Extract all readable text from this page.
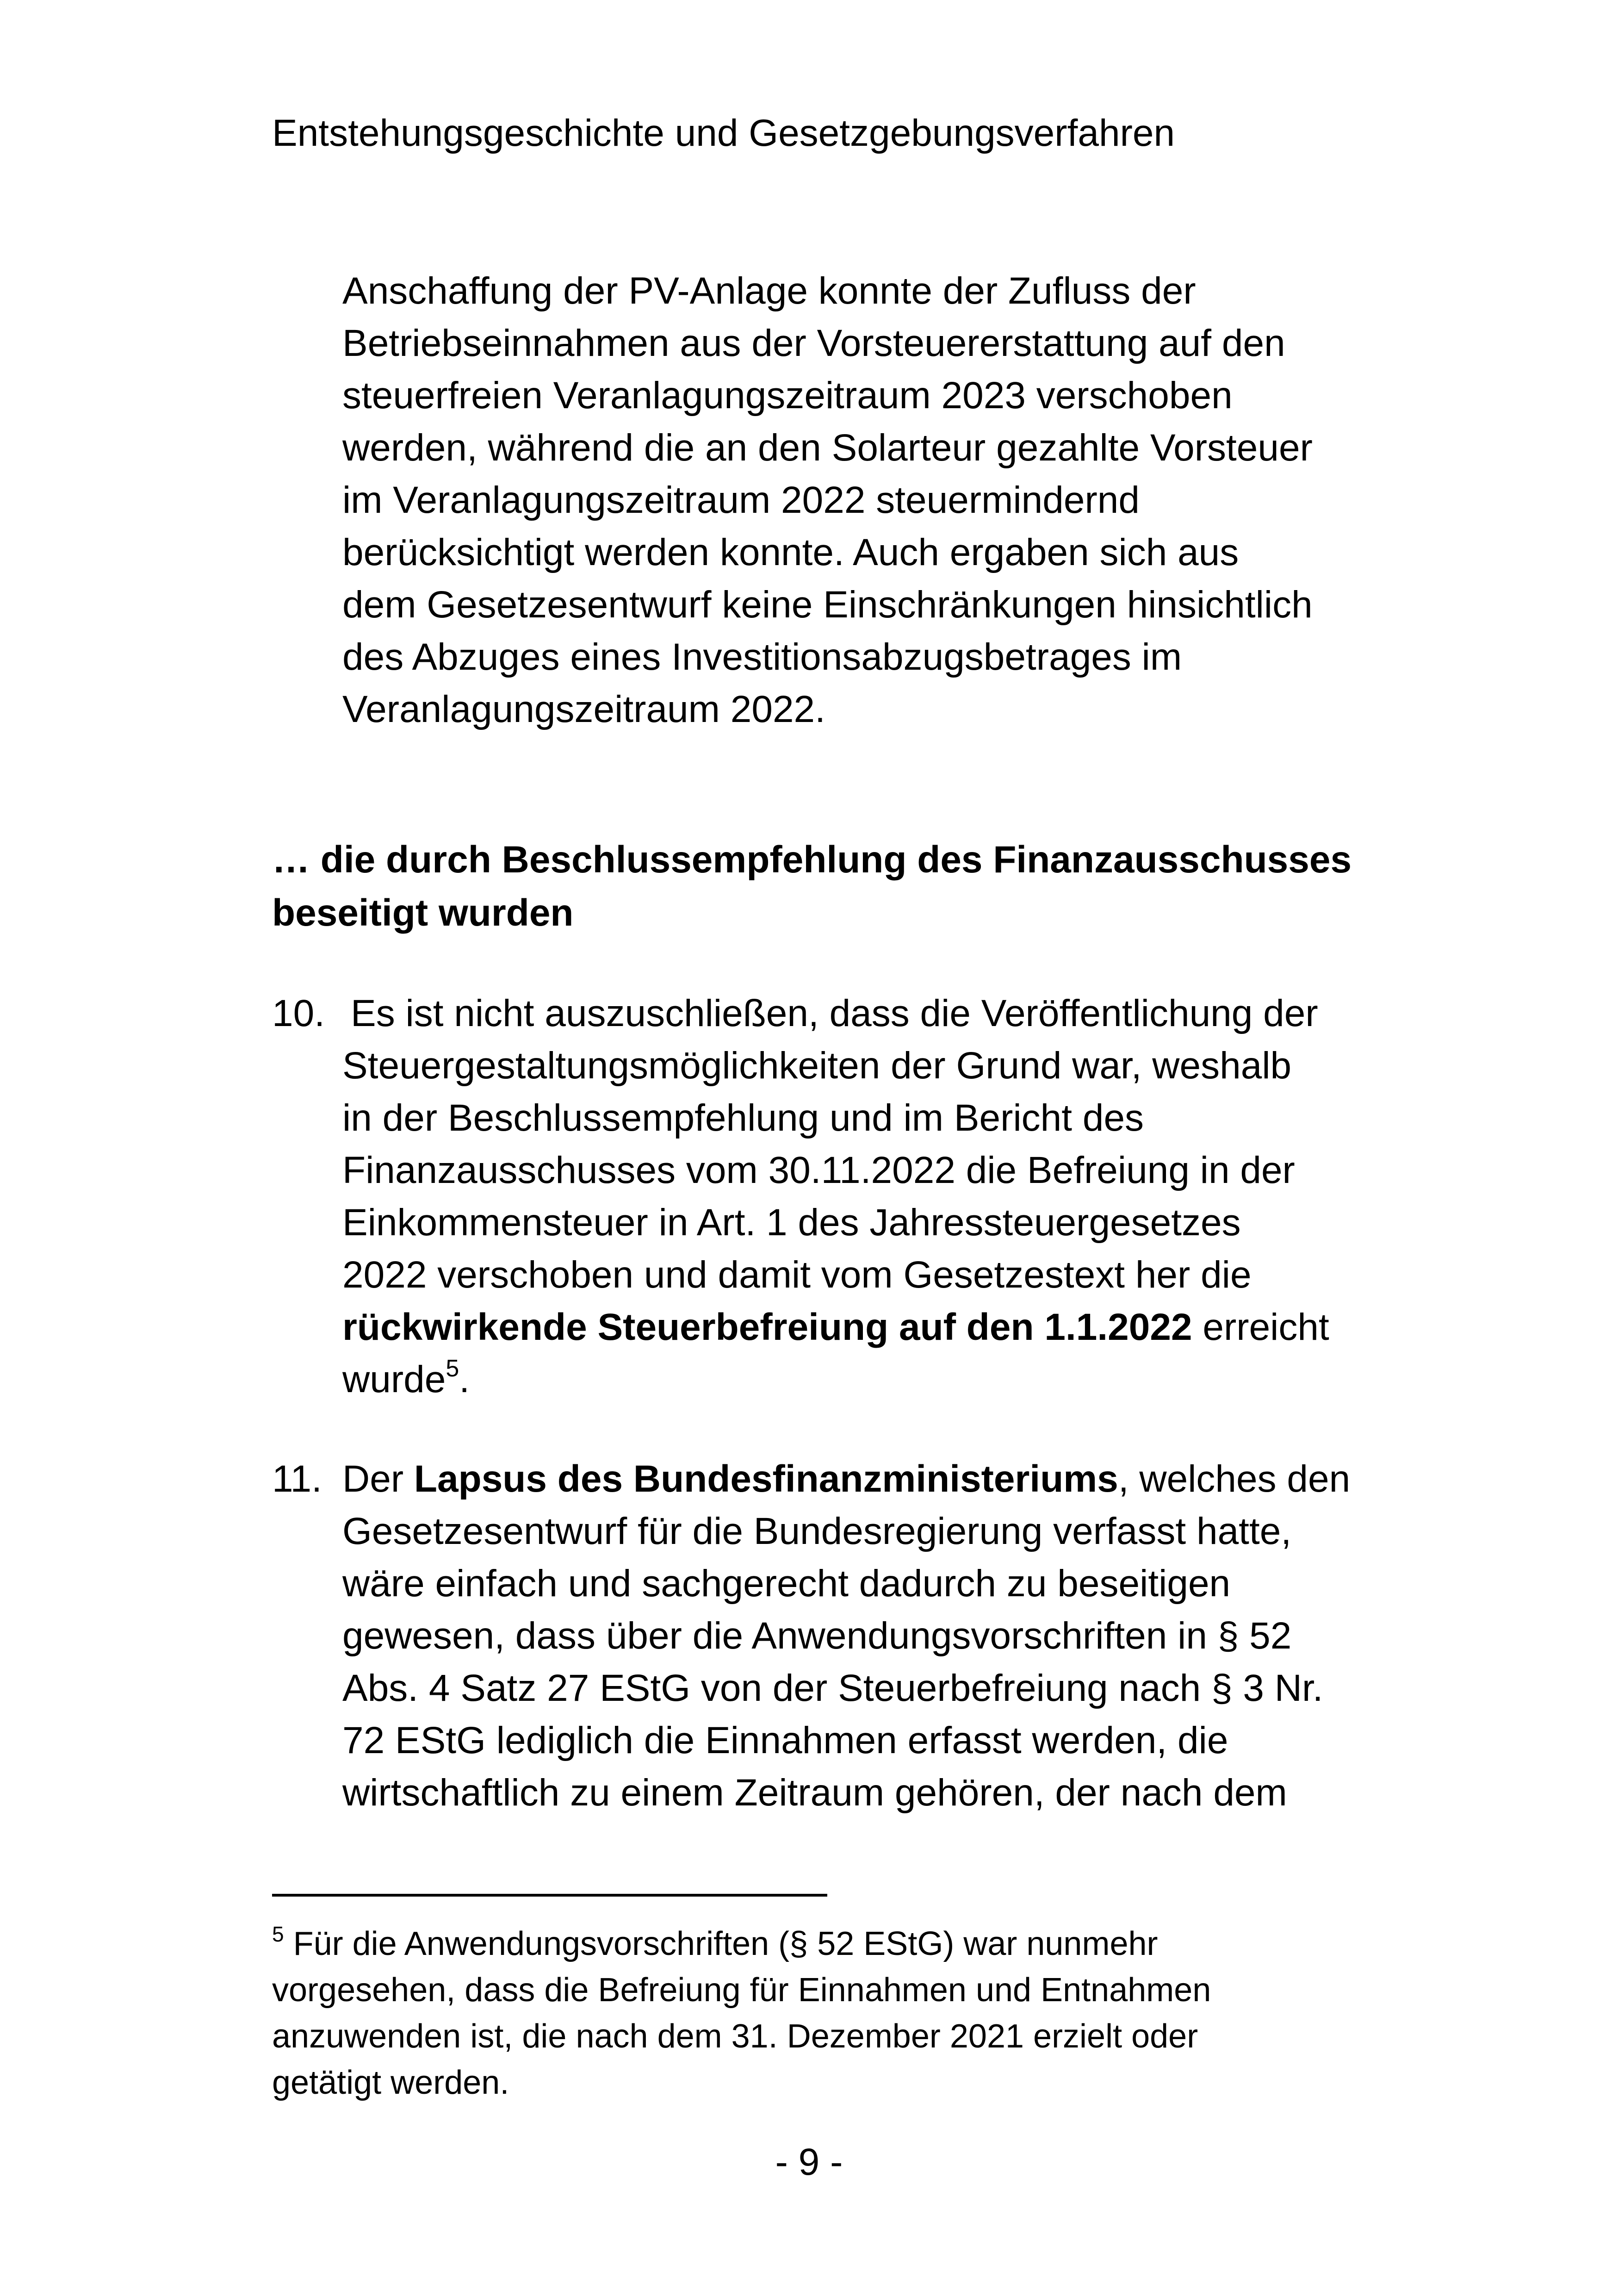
Entstehungsgeschichte und Gesetzgebungsverfahren
Anschaffung der PV-Anlage konnte der Zufluss der
Betriebseinnahmen aus der Vorsteuererstattung auf den
steuerfreien Veranlagungszeitraum 2023 verschoben
werden, während die an den Solarteur gezahlte Vorsteuer
im Veranlagungszeitraum 2022 steuermindernd
berücksichtigt werden konnte. Auch ergaben sich aus
dem Gesetzesentwurf keine Einschränkungen hinsichtlich
des Abzuges eines Investitionsabzugsbetrages im
Veranlagungszeitraum 2022.
… die durch Beschlussempfehlung des Finanzausschusses
beseitigt wurden
10. Es ist nicht auszuschließen, dass die Veröffentlichung der
Steuergestaltungsmöglichkeiten der Grund war, weshalb
in der Beschlussempfehlung und im Bericht des
Finanzausschusses vom 30.11.2022 die Befreiung in der
Einkommensteuer in Art. 1 des Jahressteuergesetzes
2022 verschoben und damit vom Gesetzestext her die
rückwirkende Steuerbefreiung auf den 1.1.2022 erreicht
wurde$^5$.
11. Der Lapsus des Bundesfinanzministeriums, welches den
Gesetzesentwurf für die Bundesregierung verfasst hatte,
wäre einfach und sachgerecht dadurch zu beseitigen
gewesen, dass über die Anwendungsvorschriften in § 52
Abs. 4 Satz 27 EStG von der Steuerbefreiung nach § 3 Nr.
72 EStG lediglich die Einnahmen erfasst werden, die
wirtschaftlich zu einem Zeitraum gehören, der nach dem
$^5$ Für die Anwendungsvorschriften (§ 52 EStG) war nunmehr
vorgesehen, dass die Befreiung für Einnahmen und Entnahmen
anzuwenden ist, die nach dem 31. Dezember 2021 erzielt oder
getätigt werden.
- 9 -
